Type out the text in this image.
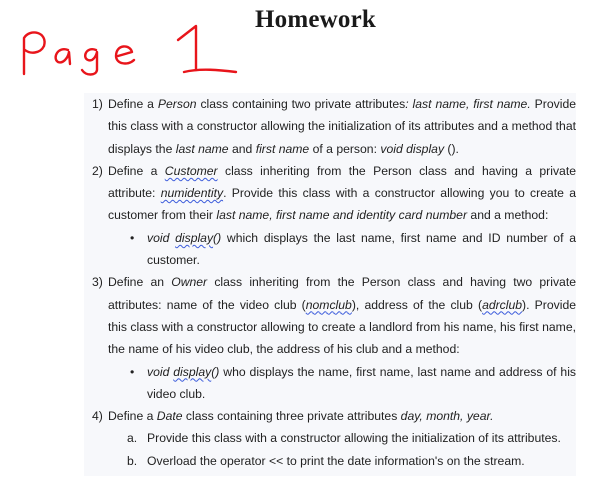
Homework
1) Define a Person class containing two private attributes: last name, first name. Provide this class with a constructor allowing the initialization of its attributes and a method that displays the last name and first name of a person: void display ().
2) Define a Customer class inheriting from the Person class and having a private attribute: numidentity. Provide this class with a constructor allowing you to create a customer from their last name, first name and identity card number and a method:
• void display() which displays the last name, first name and ID number of a customer.
3) Define an Owner class inheriting from the Person class and having two private attributes: name of the video club (nomclub), address of the club (adrclub). Provide this class with a constructor allowing to create a landlord from his name, his first name, the name of his video club, the address of his club and a method:
• void display() who displays the name, first name, last name and address of his video club.
4) Define a Date class containing three private attributes day, month, year.
a. Provide this class with a constructor allowing the initialization of its attributes.
b. Overload the operator << to print the date information's on the stream.
